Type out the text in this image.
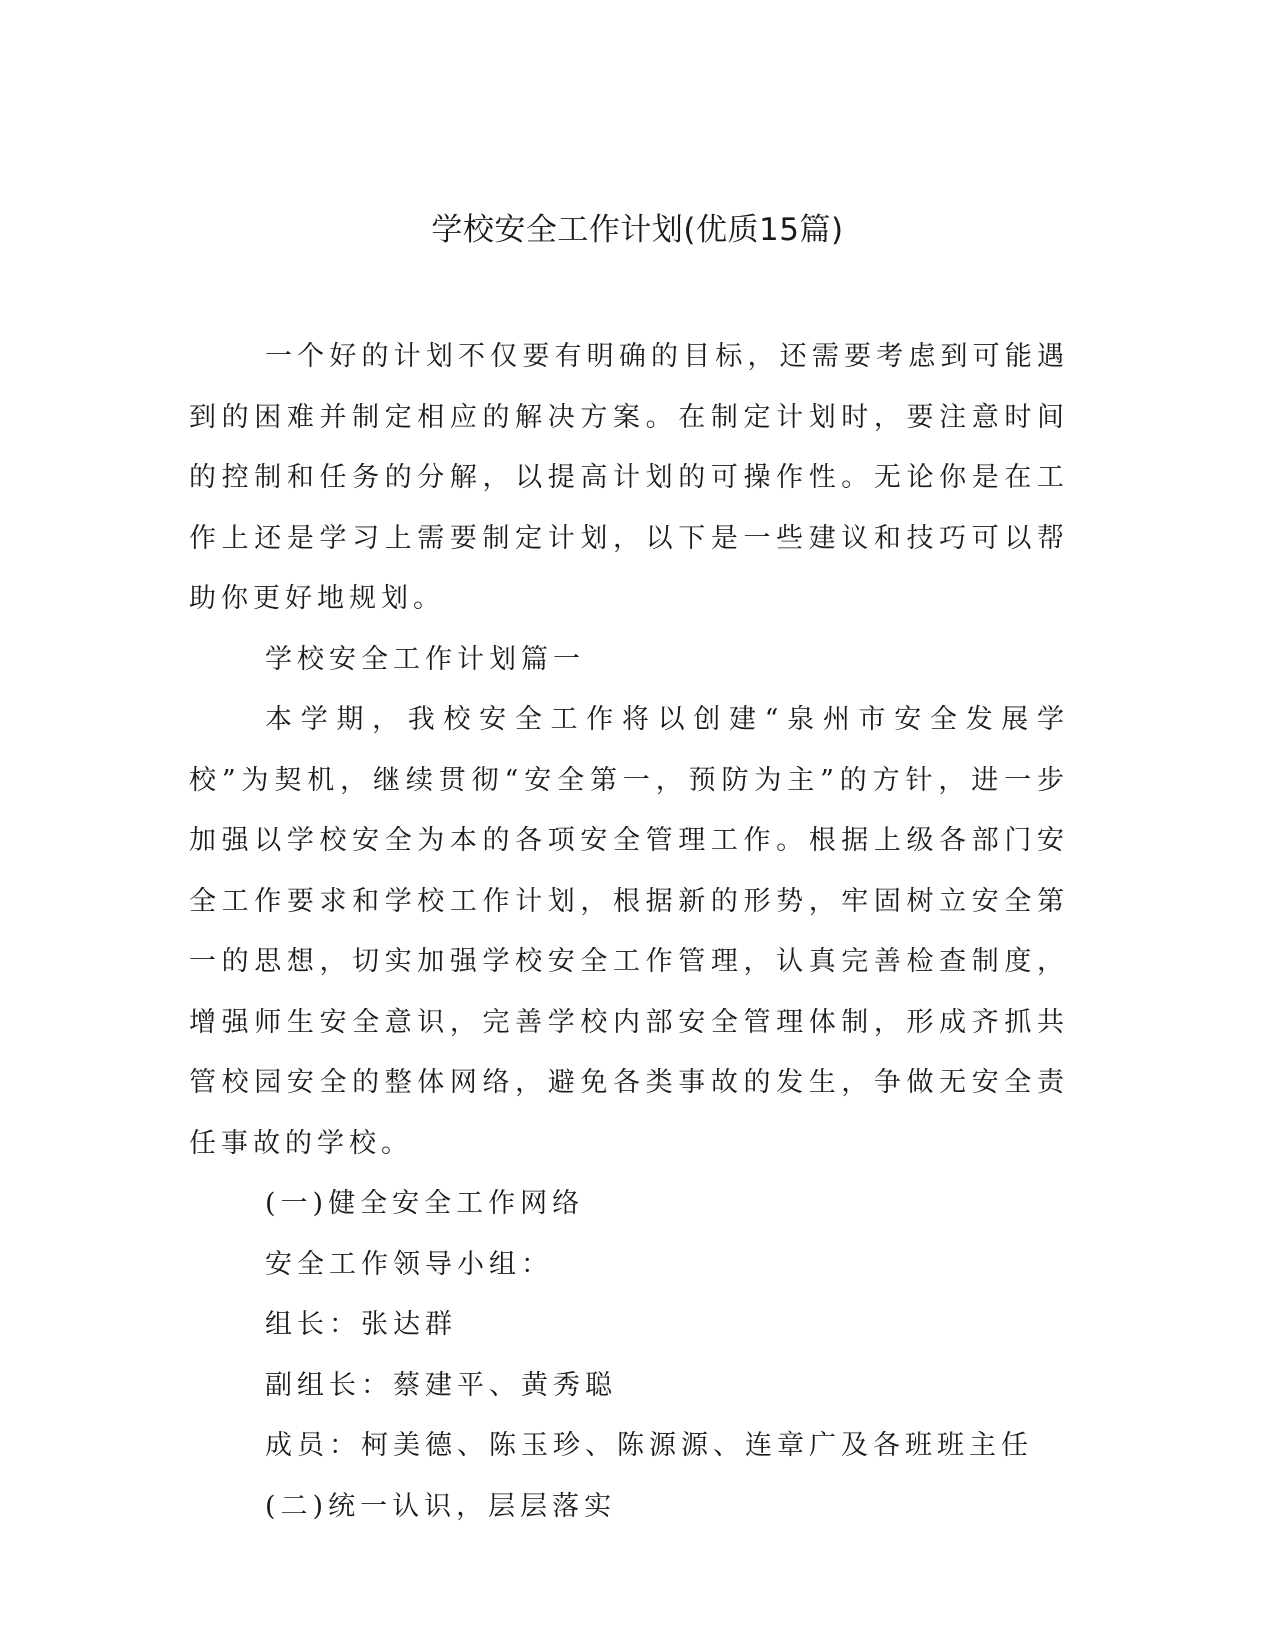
学校安全工作计划(优质15篇)

一个好的计划不仅要有明确的目标，还需要考虑到可能遇到的困难并制定相应的解决方案。在制定计划时，要注意时间的控制和任务的分解，以提高计划的可操作性。无论你是在工作上还是学习上需要制定计划，以下是一些建议和技巧可以帮助你更好地规划。

学校安全工作计划篇一

本学期，我校安全工作将以创建“泉州市安全发展学校”为契机，继续贯彻“安全第一，预防为主”的方针，进一步加强以学校安全为本的各项安全管理工作。根据上级各部门安全工作要求和学校工作计划，根据新的形势，牢固树立安全第一的思想，切实加强学校安全工作管理，认真完善检查制度，增强师生安全意识，完善学校内部安全管理体制，形成齐抓共管校园安全的整体网络，避免各类事故的发生，争做无安全责任事故的学校。

(一)健全安全工作网络

安全工作领导小组：

组长：张达群

副组长：蔡建平、黄秀聪

成员：柯美德、陈玉珍、陈源源、连章广及各班班主任

(二)统一认识，层层落实
